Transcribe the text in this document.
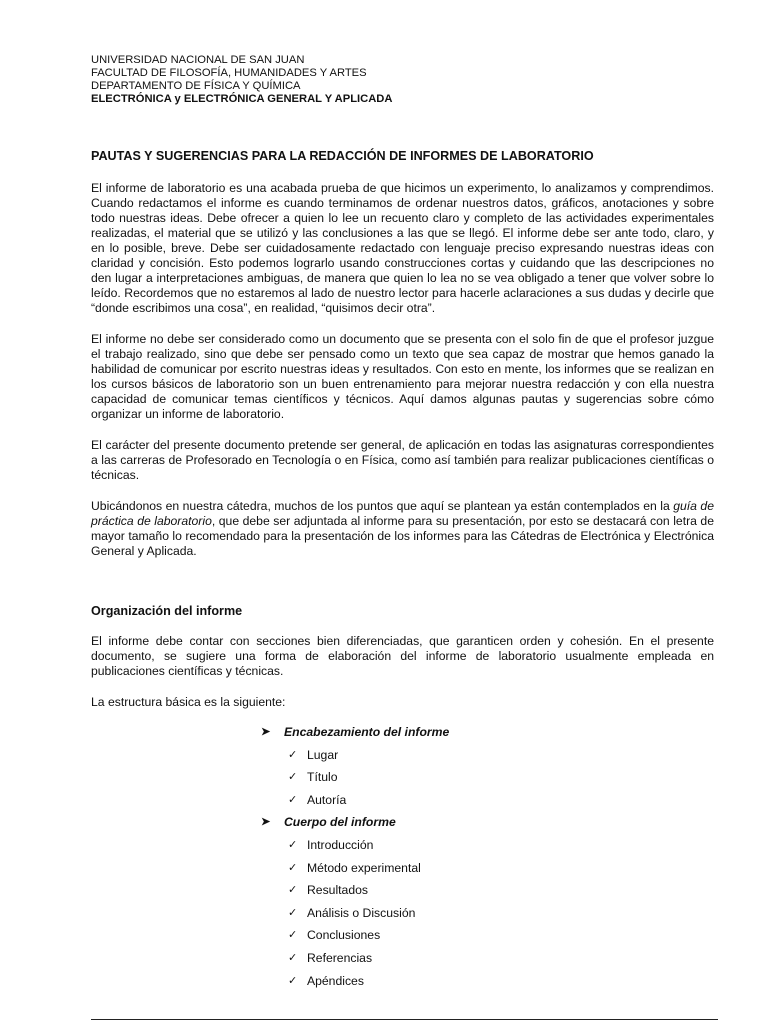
UNIVERSIDAD NACIONAL DE SAN JUAN

FACULTAD DE FILOSOFÍA, HUMANIDADES Y ARTES

DEPARTAMENTO DE FÍSICA Y QUÍMICA

ELECTRÓNICA y ELECTRÓNICA GENERAL Y APLICADA

PAUTAS Y SUGERENCIAS PARA LA REDACCIÓN DE INFORMES DE LABORATORIO

El informe de laboratorio es una acabada prueba de que hicimos un experimento, lo analizamos y comprendimos. Cuando redactamos el informe es cuando terminamos de ordenar nuestros datos, gráficos, anotaciones y sobre todo nuestras ideas. Debe ofrecer a quien lo lee un recuento claro y completo de las actividades experimentales realizadas, el material que se utilizó y las conclusiones a las que se llegó. El informe debe ser ante todo, claro, y en lo posible, breve. Debe ser cuidadosamente redactado con lenguaje preciso expresando nuestras ideas con claridad y concisión. Esto podemos lograrlo usando construcciones cortas y cuidando que las descripciones no den lugar a interpretaciones ambiguas, de manera que quien lo lea no se vea obligado a tener que volver sobre lo leído. Recordemos que no estaremos al lado de nuestro lector para hacerle aclaraciones a sus dudas y decirle que “donde escribimos una cosa”, en realidad, “quisimos decir otra”.

El informe no debe ser considerado como un documento que se presenta con el solo fin de que el profesor juzgue el trabajo realizado, sino que debe ser pensado como un texto que sea capaz de mostrar que hemos ganado la habilidad de comunicar por escrito nuestras ideas y resultados. Con esto en mente, los informes que se realizan en los cursos básicos de laboratorio son un buen entrenamiento para mejorar nuestra redacción y con ella nuestra capacidad de comunicar temas científicos y técnicos. Aquí damos algunas pautas y sugerencias sobre cómo organizar un informe de laboratorio.

El carácter del presente documento pretende ser general, de aplicación en todas las asignaturas correspondientes a las carreras de Profesorado en Tecnología o en Física, como así también para realizar publicaciones científicas o técnicas.

Ubicándonos en nuestra cátedra, muchos de los puntos que aquí se plantean ya están contemplados en la guía de práctica de laboratorio, que debe ser adjuntada al informe para su presentación, por esto se destacará con letra de mayor tamaño lo recomendado para la presentación de los informes para las Cátedras de Electrónica y Electrónica General y Aplicada.

Organización del informe

El informe debe contar con secciones bien diferenciadas, que garanticen orden y cohesión. En el presente documento, se sugiere una forma de elaboración del informe de laboratorio usualmente empleada en publicaciones científicas y técnicas.

La estructura básica es la siguiente:

➤ Encabezamiento del informe
✓ Lugar
✓ Título
✓ Autoría
➤ Cuerpo del informe
✓ Introducción
✓ Método experimental
✓ Resultados
✓ Análisis o Discusión
✓ Conclusiones
✓ Referencias
✓ Apéndices
